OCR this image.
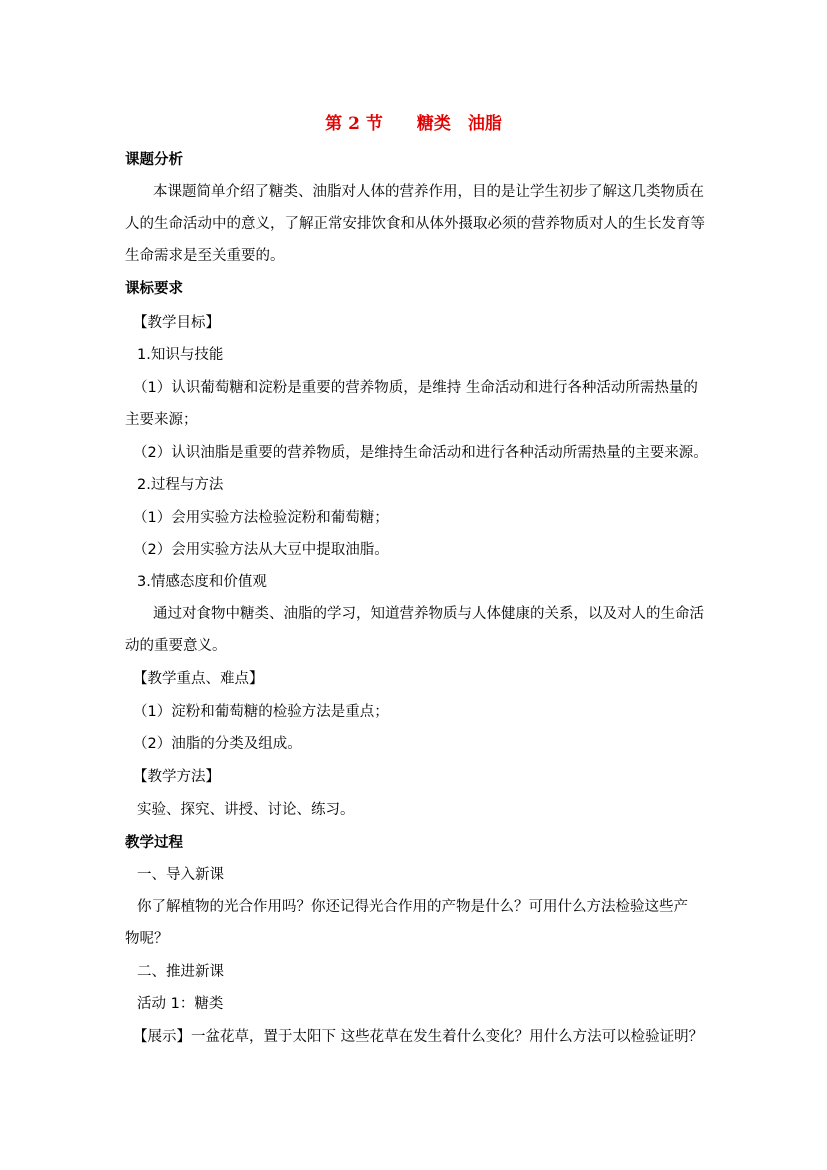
第 2 节　　糖类　油脂
课题分析
本课题简单介绍了糖类、油脂对人体的营养作用，目的是让学生初步了解这几类物质在
人的生命活动中的意义，了解正常安排饮食和从体外摄取必须的营养物质对人的生长发育等
生命需求是至关重要的。
课标要求
【教学目标】
1.知识与技能
（1）认识葡萄糖和淀粉是重要的营养物质，是维持 生命活动和进行各种活动所需热量的
主要来源；
（2）认识油脂是重要的营养物质，是维持生命活动和进行各种活动所需热量的主要来源。
2.过程与方法
（1）会用实验方法检验淀粉和葡萄糖；
（2）会用实验方法从大豆中提取油脂。
3.情感态度和价值观
通过对食物中糖类、油脂的学习，知道营养物质与人体健康的关系，以及对人的生命活
动的重要意义。
【教学重点、难点】
（1）淀粉和葡萄糖的检验方法是重点；
（2）油脂的分类及组成。
【教学方法】
实验、探究、讲授、讨论、练习。
教学过程
一、导入新课
你了解植物的光合作用吗？你还记得光合作用的产物是什么？可用什么方法检验这些产
物呢？
二、推进新课
活动 1：糖类
【展示】一盆花草，置于太阳下 这些花草在发生着什么变化？用什么方法可以检验证明？
